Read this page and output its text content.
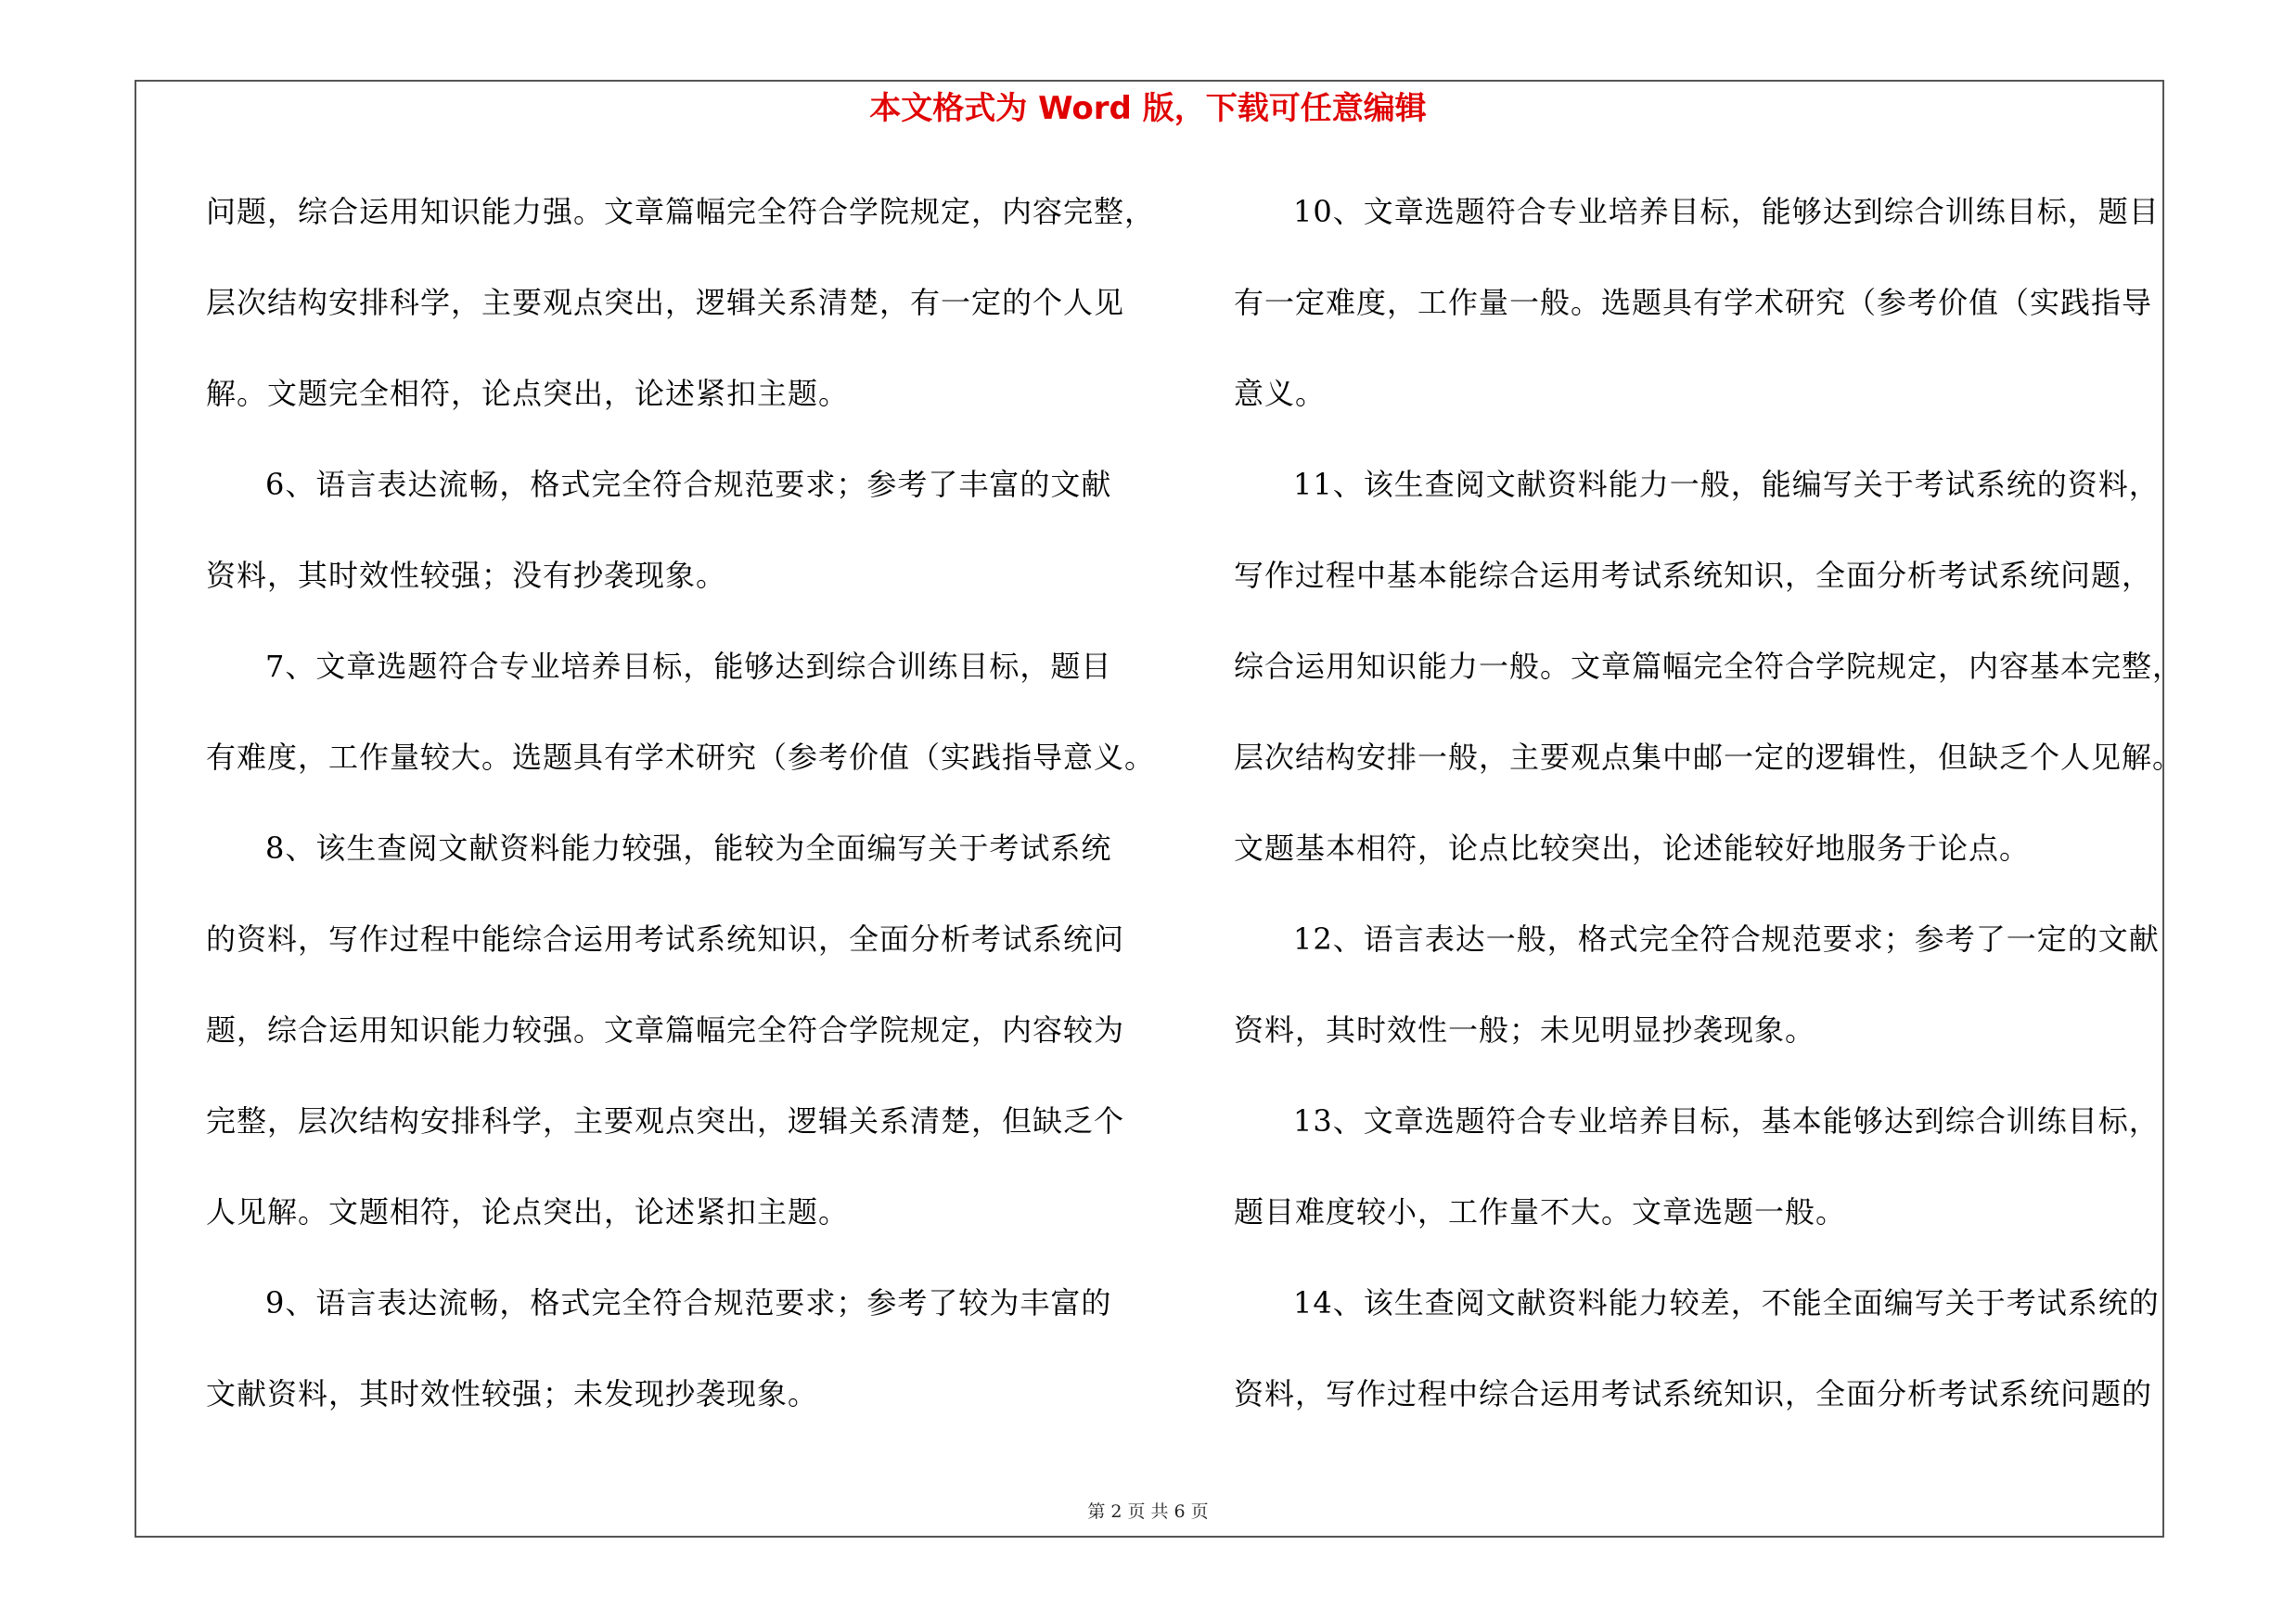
本文格式为 Word 版，下载可任意编辑
问题，综合运用知识能力强。文章篇幅完全符合学院规定，内容完整，
层次结构安排科学，主要观点突出，逻辑关系清楚，有一定的个人见
解。文题完全相符，论点突出，论述紧扣主题。
6、语言表达流畅，格式完全符合规范要求；参考了丰富的文献
资料，其时效性较强；没有抄袭现象。
7、文章选题符合专业培养目标，能够达到综合训练目标，题目
有难度，工作量较大。选题具有学术研究（参考价值（实践指导意义。
8、该生查阅文献资料能力较强，能较为全面编写关于考试系统
的资料，写作过程中能综合运用考试系统知识，全面分析考试系统问
题，综合运用知识能力较强。文章篇幅完全符合学院规定，内容较为
完整，层次结构安排科学，主要观点突出，逻辑关系清楚，但缺乏个
人见解。文题相符，论点突出，论述紧扣主题。
9、语言表达流畅，格式完全符合规范要求；参考了较为丰富的
文献资料，其时效性较强；未发现抄袭现象。
10、文章选题符合专业培养目标，能够达到综合训练目标，题目
有一定难度，工作量一般。选题具有学术研究（参考价值（实践指导
意义。
11、该生查阅文献资料能力一般，能编写关于考试系统的资料，
写作过程中基本能综合运用考试系统知识，全面分析考试系统问题，
综合运用知识能力一般。文章篇幅完全符合学院规定，内容基本完整，
层次结构安排一般，主要观点集中邮一定的逻辑性，但缺乏个人见解。
文题基本相符，论点比较突出，论述能较好地服务于论点。
12、语言表达一般，格式完全符合规范要求；参考了一定的文献
资料，其时效性一般；未见明显抄袭现象。
13、文章选题符合专业培养目标，基本能够达到综合训练目标，
题目难度较小，工作量不大。文章选题一般。
14、该生查阅文献资料能力较差，不能全面编写关于考试系统的
资料，写作过程中综合运用考试系统知识，全面分析考试系统问题的
第 2 页 共 6 页
